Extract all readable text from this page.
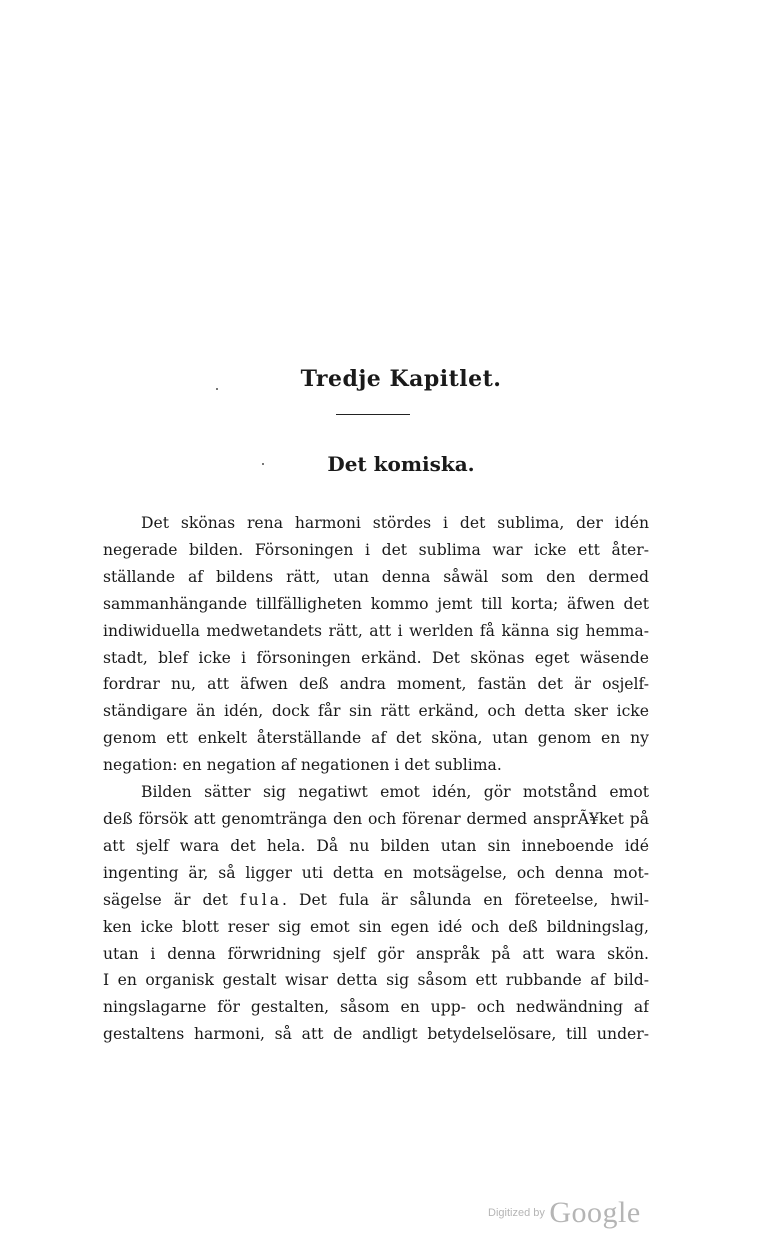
Tredje Kapitlet.
Det komiska.
Det skönas rena harmoni stördes i det sublima, der idén
negerade bilden. Försoningen i det sublima war icke ett åter-
ställande af bildens rätt, utan denna såwäl som den dermed
sammanhängande tillfälligheten kommo jemt till korta; äfwen det
indiwiduella medwetandets rätt, att i werlden få känna sig hemma-
stadt, blef icke i försoningen erkänd. Det skönas eget wäsende
fordrar nu, att äfwen deß andra moment, fastän det är osjelf-
ständigare än idén, dock får sin rätt erkänd, och detta sker icke
genom ett enkelt återställande af det sköna, utan genom en ny
negation: en negation af negationen i det sublima.
Bilden sätter sig negatiwt emot idén, gör motstånd emot
deß försök att genomtränga den och förenar dermed ansprÃ¥ket på
att sjelf wara det hela. Då nu bilden utan sin inneboende idé
ingenting är, så ligger uti detta en motsägelse, och denna mot-
sägelse är det fula. Det fula är sålunda en företeelse, hwil-
ken icke blott reser sig emot sin egen idé och deß bildningslag,
utan i denna förwridning sjelf gör anspråk på att wara skön.
I en organisk gestalt wisar detta sig såsom ett rubbande af bild-
ningslagarne för gestalten, såsom en upp- och nedwändning af
gestaltens harmoni, så att de andligt betydelselösare, till under-
Digitized by Google
